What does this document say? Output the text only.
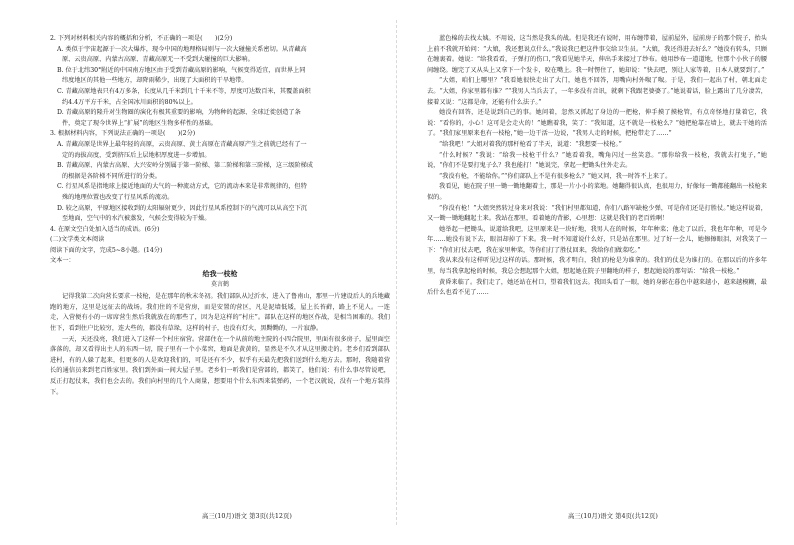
2. 下列对材料相关内容的概括和分析，不正确的一项是(　　)(2分)
A. 类似于宇宙起源于一次大爆炸，现今中国的地理格局则与一次大碰撞关系密切。从青藏高
原、云贵高原、内蒙古高原、青藏高原无一不受到大碰撞的巨大影响。
B. 位于北纬30°附近的中国南方地区由于受到青藏高原的影响，气候变得适宜，而世界上同
纬度地区的其他一些地方，却降雨稀少，出现了大面积的干旱地带。
C. 青藏高原地表只有4万多条，长度从几千米到几十千米不等，厚度可达数百米，其覆盖面积
约4.4万平方千米，占全国冰川面积的80%以上。
D. 青藏高原的隆升对生物圈的演化有极其重要的影响，为物种的起源、全球迁徙创造了条
件，奠定了现今世界上“扩展”的地区生物多样性的基础。
3. 根据材料内容，下列说法正确的一项是(　　)(2分)
A. 青藏高原是世界上最年轻的高原，云贵高原、黄土高原在青藏高原产生之前就已经有了一
定的海拔高度，受到挤压后上层地积厚度进一步增加。
B. 青藏高原、内蒙古高原、大兴安岭分别属于第一阶梯、第二阶梯和第三阶梯，这三级阶梯成
的根据是各阶梯不同所进行的分类。
C. 行星风系是指地球上接近地面的大气的一种流动方式，它的流动本来是非常规律的，但特
殊的地理位置也改变了行星风系的流动。
D. 较之高原，平原地区接收到的太阳辐射更少，因此行星风系控制下的气流可以从高空下沉
至地面，空气中的水汽被蒸发，气候会变得较为干燥。
4. 在原文空白处加入适当的成语。(6分)
(二)文学类文本阅读
阅读下面的文字，完成5~8小题。(14分)
文本一：
给我一枝枪
莫言鹤
记得我第二次向营长要求一枝枪，是在那年的秋末冬初。我们部队从过沂水，进入了鲁南山，那里一片建设后人的兵地藏跑的地方，这里是远征去的战场。我们住的不是营房，而是安置的营区，凡是泥墙低矮，屋上长苔藓，路上不见人。一连走，入营便有小的一席席营生然后我就放在的那些了，因为是这样的“村庄”。部队在这样的地区作战，是相当困难的。我们住下，看到住户比较穷，连大些的，都没有草垛，这样的村子，也没有灯火，黑黝黝的，一片寂静。
一天，天还没亮，我们进入了这样一个村庄宿营。营部住在一个从前的地主院的小四合院里，里面有很多房子，屋里面空落落的，却又看得出主人的东西一切，院子里有一个小菜窖，地面是黄黄的，显然是不久才从这里搬走的。老乡们看到部队进村，有的人躲了起来，但更多的人是欢迎我们的，可是还有不少，似乎有天最先把我们送到什么地方去。那时，我随着营长的通信员来到老百姓家里。我们到外面一间大屋子里。老乡们一听我们是营部的，都笑了，他们说：有什么事尽管说吧，反正打起仗来，我们也会去的。我们向村里的几个人商量，想要用个什么东西来装弹药，一个老汉就说，没有一个地方装得下。
蓝色棉的去找太姨。不用说，这当然是我头的战。但是我还有说时，用布缠带着，屋前屋外，屋前房子的那个院子，抬头上前不我就开始问：“大娘，我还想说点什么。”我说我已把这件事交给卫生员。“大娘，我还得进去好么？”她没有转头，只顾在缠裹着。她说：“给我看看，子弹打的伤口，”我看见她半天，伸出手来接过了纱布。她用纱布一道道地，往那个小伙子的腰间缠绕。缠完了又从头上又拿下一个发卡，咬在嘴上。我一时愣住了，她却说：“快去吧，别让人家等着，日本人就要到了。”
“大姐，咱们上哪里？”我看她很快走出了大门，她也不回答，用嘴向村外呶了呶。于是，我们一起出了村，朝北面走去。“大姐，你家里都有谁？”“我男人当兵去了，一年多没有音讯，就剩下我跟老婆婆了。”她说着话，脸上露出了几分凄苦，接着又说：“这都是命，还能有什么法子。”
她没有回答，还是说到自己的事。她问着，忽然又抓起了身边的一把枪，伸手摸了摸枪管，有点奇怪地打量着它，我说：“看你的，小心！这可是会走火的！”她瞧着我，笑了：“我知道，这不就是一枝枪么？”她把枪靠在墙上，就去干她的活了。“我们家里原来也有一枝枪，”她一边干活一边说，“我男人走的时候，把枪带走了……”
“给我吧！”大姐对着我的那杆枪看了半天，说道：“我想要一枝枪。”
“什么时候？”我说：“给我一枝枪干什么？”她看着我，嘴角闪过一丝笑意。“那你给我一枝枪，我就去打鬼子，”她说，“你们不是要打鬼子么？我也能打！”她说完，拿起一把锄头往外走去。
“我没有枪，不能给你。”“你们部队上不是有很多枪么？”她又问，我一时答不上来了。
我看见，她在院子里一锄一锄地翻着土，那是一片小小的菜地。她翻得很认真，也很用力，好像每一锄都能翻出一枝枪来似的。
“你没有枪！”大姐突然转过身来对我说：“我们村里都知道，你们八路军缺枪少弹，可是你们还是打胜仗。”她这样说着，又一锄一锄地翻起土来。我站在那里，看着她的背影，心里想：这就是我们的老百姓啊！
她举起一把锄头，说道给我吧，这里原来是一块好地，我男人在的时候，年年种菜；他走了以后，我也年年种，可是今年……她没有说下去，眼泪却掉了下来。我一时不知道说什么好，只是站在那里。过了好一会儿，她擦擦眼泪，对我笑了一下：“你们打仗去吧，我在家里种菜，等你们打了胜仗回来，我给你们做菜吃。”
我从来没有这样听见过这样的话。那时候，我才明白，我们的枪是为谁拿的。我们的仗是为谁打的。在那以后的许多年里，每当我拿起枪的时候，我总会想起那个大姐，想起她在院子里翻地的样子，想起她说的那句话：“给我一枝枪。”
黄昏来临了。我们走了，她还站在村口，望着我们远去。我回头看了一眼，她的身影在暮色中越来越小，越来越模糊，最后什么也看不见了……
高三(10月)语文 第3页(共12页)	高三(10月)语文 第4页(共12页)
